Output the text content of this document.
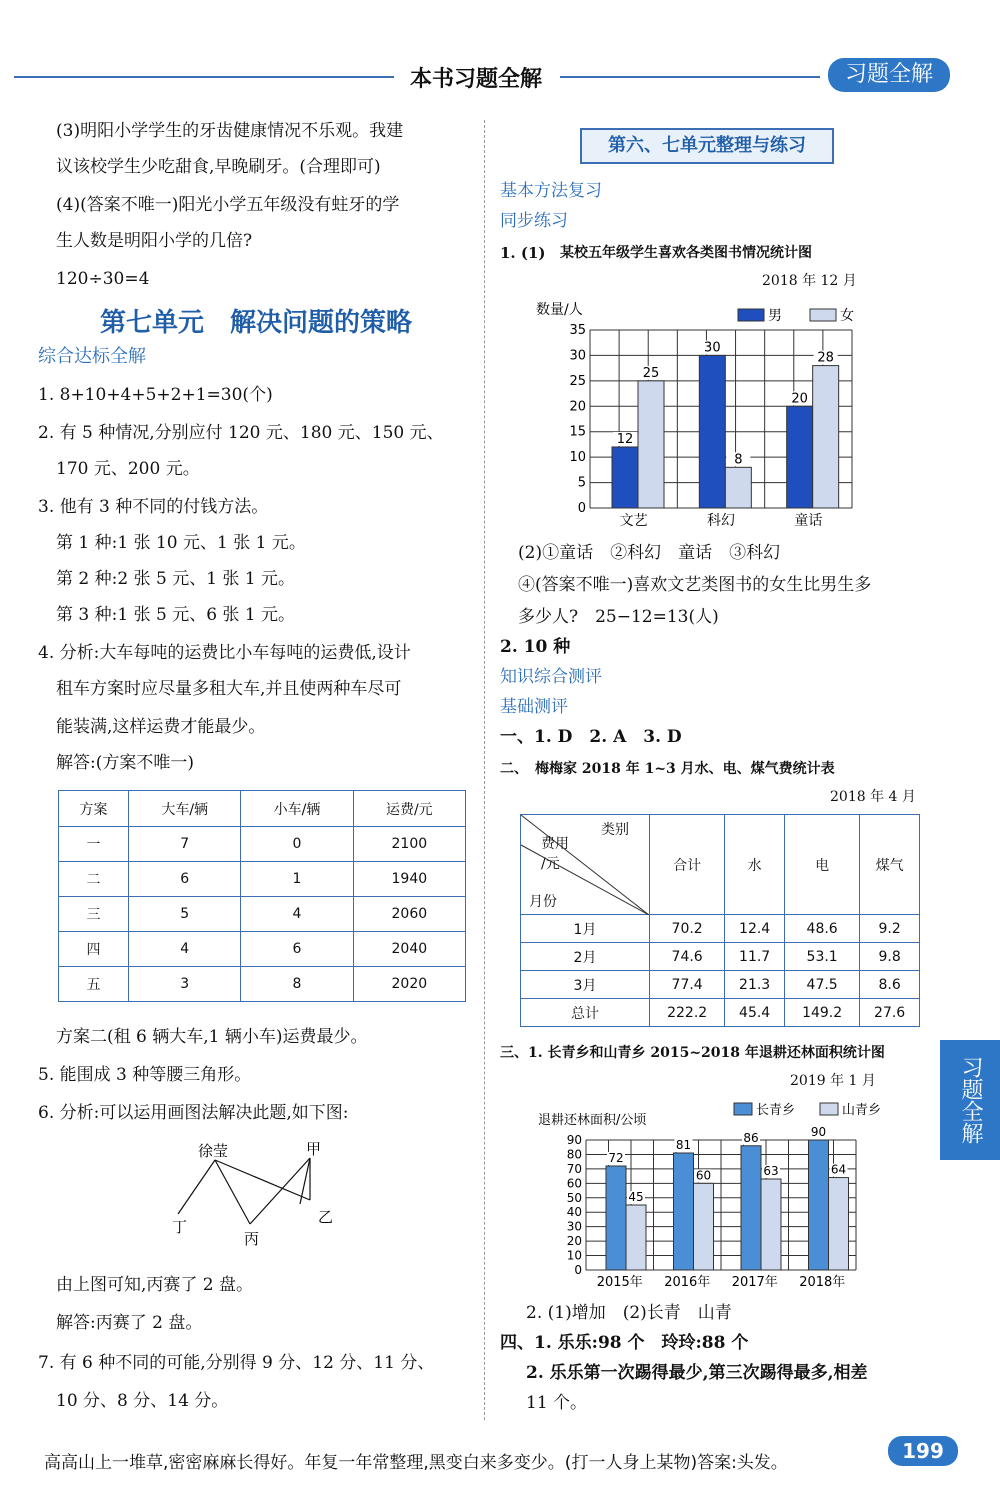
本书习题全解	习题全解
(3)明阳小学学生的牙齿健康情况不乐观。我建
议该校学生少吃甜食,早晚刷牙。(合理即可)
(4)(答案不唯一)阳光小学五年级没有蛀牙的学
生人数是明阳小学的几倍?
120÷30=4
第七单元　解决问题的策略
综合达标全解
1. 8+10+4+5+2+1=30(个)
2. 有 5 种情况,分别应付 120 元、180 元、150 元、
170 元、200 元。
3. 他有 3 种不同的付钱方法。
第 1 种:1 张 10 元、1 张 1 元。
第 2 种:2 张 5 元、1 张 1 元。
第 3 种:1 张 5 元、6 张 1 元。
4. 分析:大车每吨的运费比小车每吨的运费低,设计
租车方案时应尽量多租大车,并且使两种车尽可
能装满,这样运费才能最少。
解答:(方案不唯一)
方案	大车/辆	小车/辆	运费/元
一	7	0	2100
二	6	1	1940
三	5	4	2060
四	4	6	2040
五	3	8	2020
方案二(租 6 辆大车,1 辆小车)运费最少。
5. 能围成 3 种等腰三角形。
6. 分析:可以运用画图法解决此题,如下图:
徐莹	甲
丁
丙
乙
由上图可知,丙赛了 2 盘。
解答:丙赛了 2 盘。
7. 有 6 种不同的可能,分别得 9 分、12 分、11 分、
10 分、8 分、14 分。
第六、七单元整理与练习
基本方法复习
同步练习
1. (1) 某校五年级学生喜欢各类图书情况统计图
2018 年 12 月
35
30
25
20
15
10
5
0
数量/人	男	女
12
25
文艺
30
8
科幻
20
28
童话
(2)①童话　②科幻　童话　③科幻
④(答案不唯一)喜欢文艺类图书的女生比男生多
多少人?　25−12=13(人)
2. 10 种
知识综合测评
基础测评
一、1. D　2. A　3. D
二、　梅梅家 2018 年 1~3 月水、电、煤气费统计表
2018 年 4 月
类别
费用
/元
月份	合计	水	电	煤气
1月	70.2	12.4	48.6	9.2
2月	74.6	11.7	53.1	9.8
3月	77.4	21.3	47.5	8.6
总计	222.2	45.4	149.2	27.6
三、1. 长青乡和山青乡 2015~2018 年退耕还林面积统计图
2019 年 1 月
90
80
70
60
50
40
30
20
10
0
退耕还林面积/公顷
长青乡	山青乡
72
45
2015年
81
60
2016年
86
63
2017年
90
64
2018年
2. (1)增加　(2)长青　山青
四、1. 乐乐:98 个　玲玲:88 个
2. 乐乐第一次踢得最少,第三次踢得最多,相差
11 个。
习题全解
高高山上一堆草,密密麻麻长得好。年复一年常整理,黑变白来多变少。(打一人身上某物)答案:头发。	199
